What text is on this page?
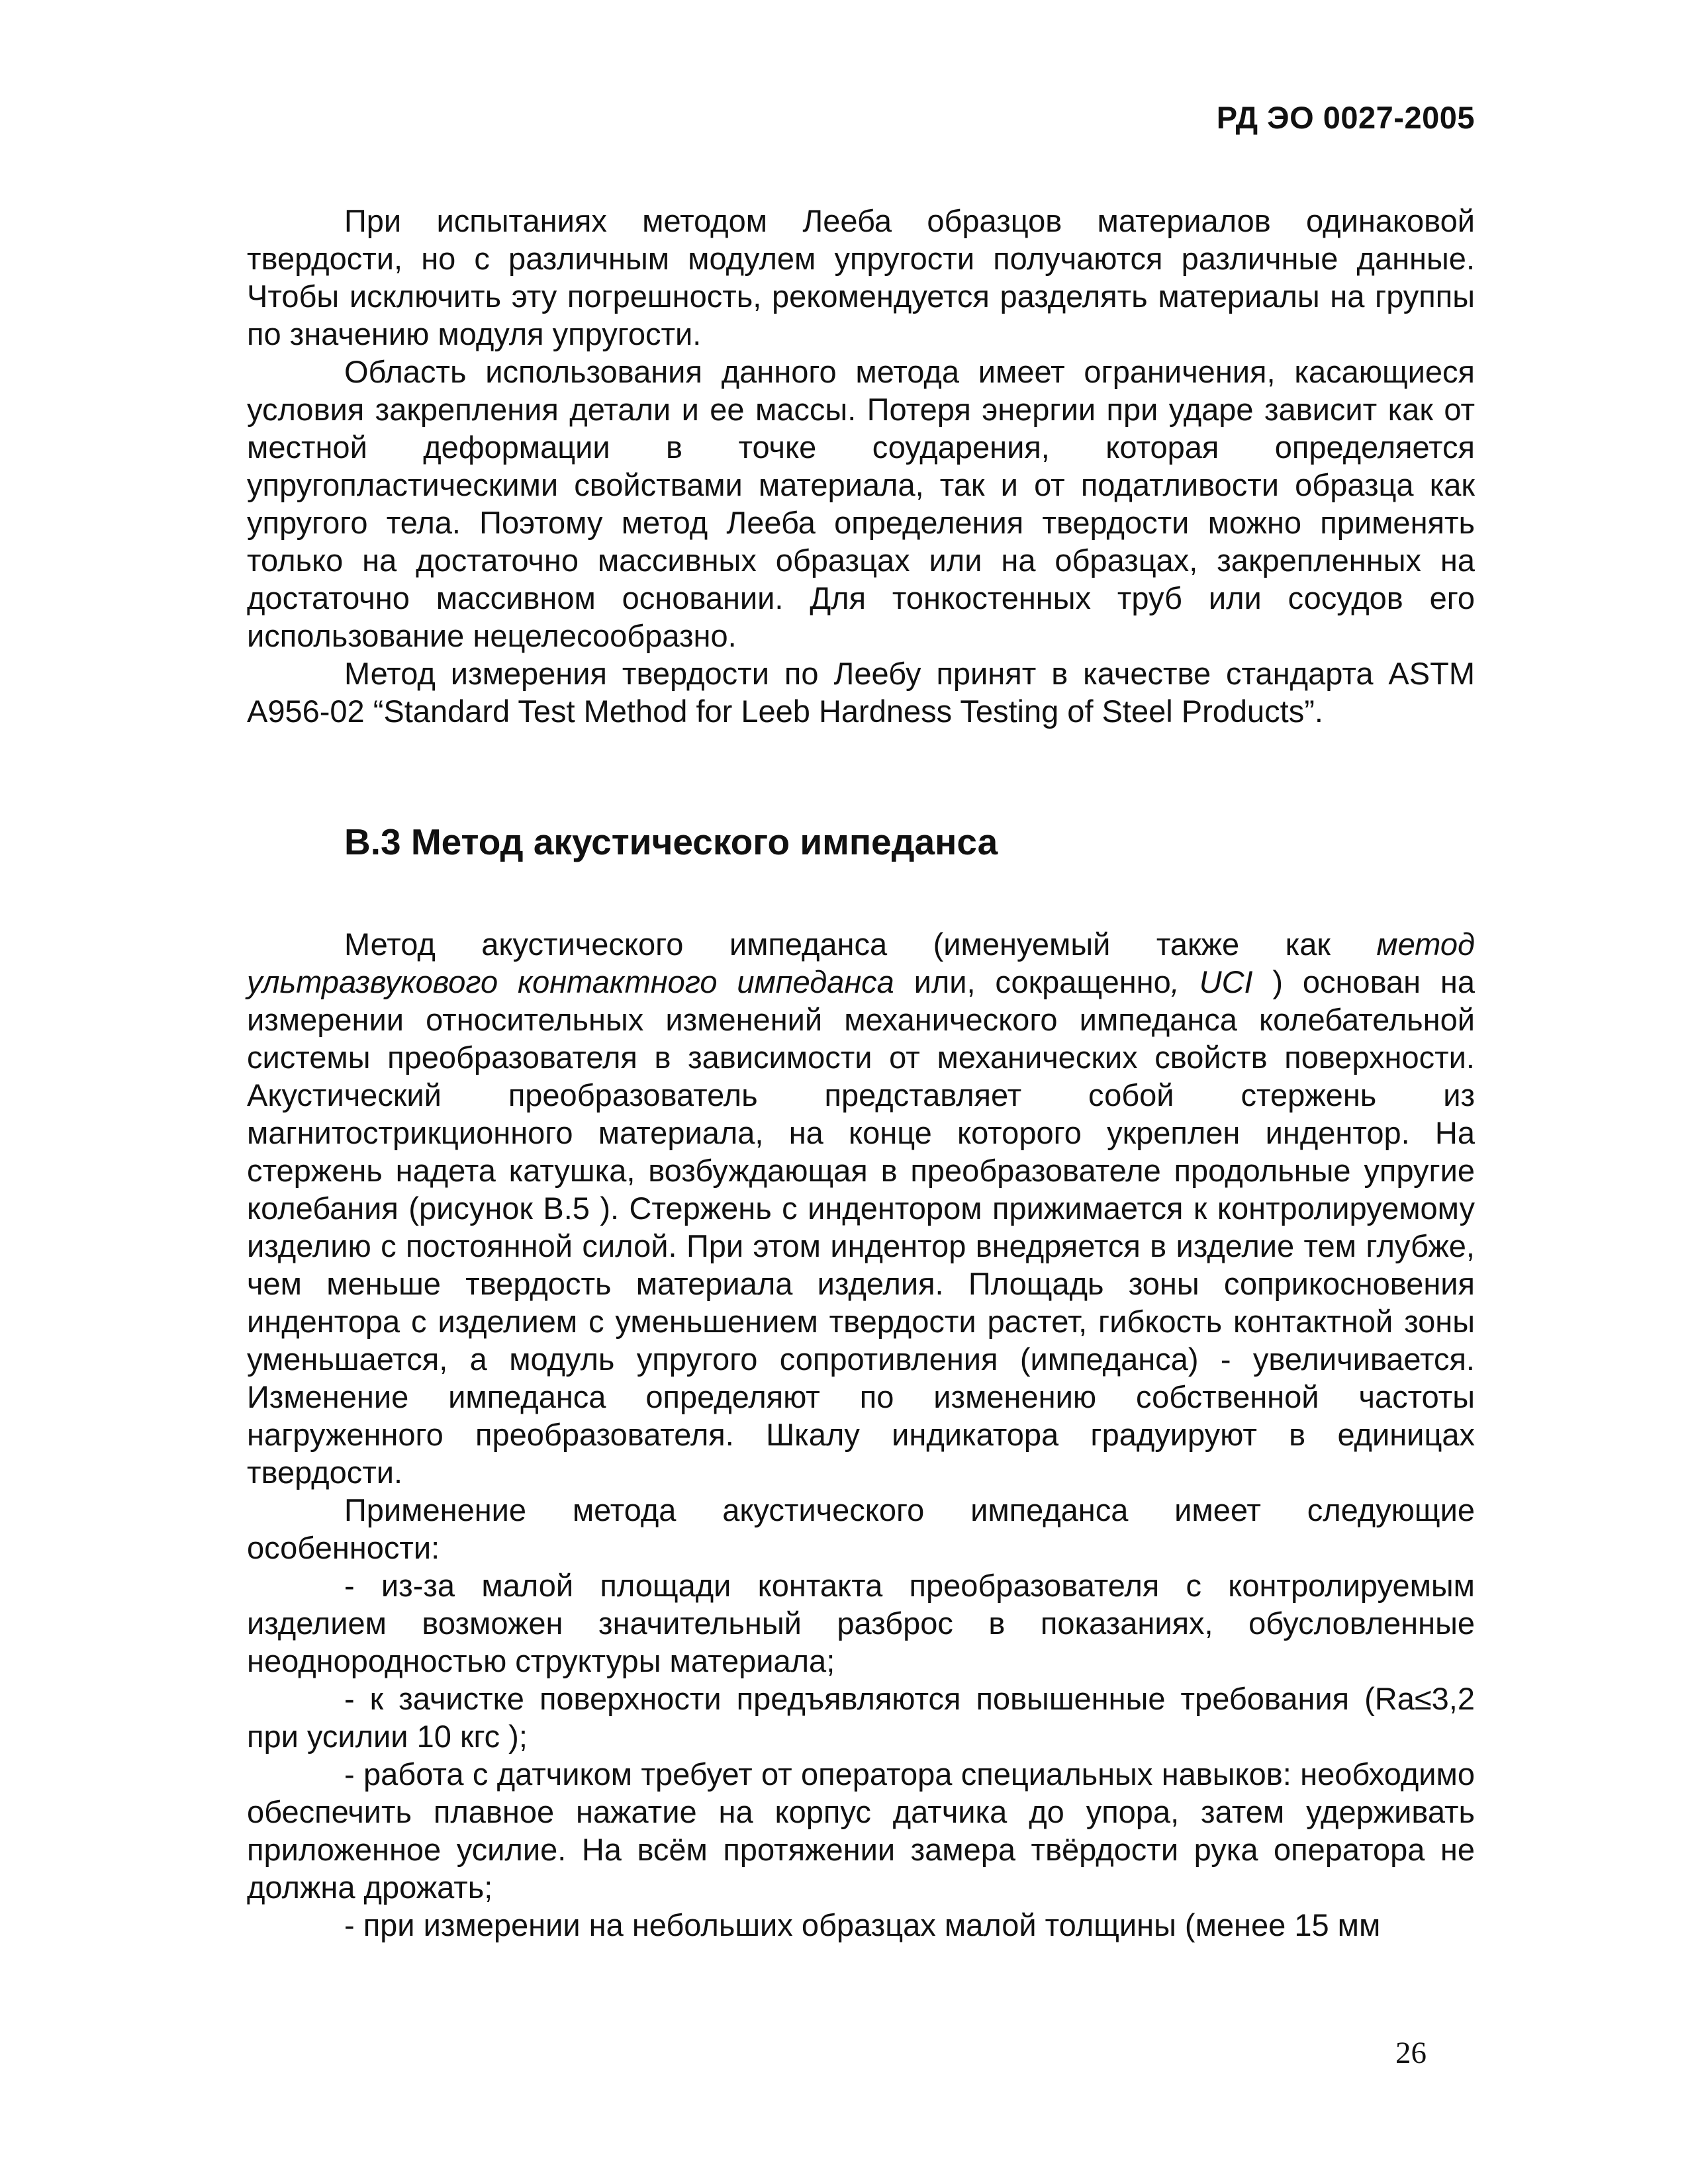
РД ЭО 0027-2005

При испытаниях методом Лееба образцов материалов одинаковой твердости, но с различным модулем упругости получаются различные данные. Чтобы исключить эту погрешность, рекомендуется разделять материалы на группы по значению модуля упругости.

Область использования данного метода имеет ограничения, касающиеся условия закрепления детали и ее массы. Потеря энергии при ударе зависит как от местной деформации в точке соударения, которая определяется упругопластическими свойствами материала, так и от податливости образца как упругого тела. Поэтому метод Лееба определения твердости можно применять только на достаточно массивных образцах или на образцах, закрепленных на достаточно массивном основании. Для тонкостенных труб или сосудов его использование нецелесообразно.

Метод измерения твердости по Леебу принят в качестве стандарта ASTM A956-02 “Standard Test Method for Leeb Hardness Testing of Steel Products”.

В.3 Метод акустического импеданса

Метод акустического импеданса (именуемый также как метод ультразвукового контактного импеданса или, сокращенно, UCI ) основан на измерении относительных изменений механического импеданса колебательной системы преобразователя в зависимости от механических свойств поверхности. Акустический преобразователь представляет собой стержень из магнитострикционного материала, на конце которого укреплен индентор. На стержень надета катушка, возбуждающая в преобразователе продольные упругие колебания (рисунок В.5 ). Стержень с индентором прижимается к контролируемому изделию с постоянной силой. При этом индентор внедряется в изделие тем глубже, чем меньше твердость материала изделия. Площадь зоны соприкосновения индентора с изделием с уменьшением твердости растет, гибкость контактной зоны уменьшается, а модуль упругого сопротивления (импеданса) - увеличивается. Изменение импеданса определяют по изменению собственной частоты нагруженного преобразователя. Шкалу индикатора градуируют в единицах твердости.

Применение метода акустического импеданса имеет следующие особенности:

- из-за малой площади контакта преобразователя с контролируемым изделием возможен значительный разброс в показаниях, обусловленные неоднородностью структуры материала;

- к зачистке поверхности предъявляются повышенные требования (Ra≤3,2 при усилии 10 кгс );

- работа с датчиком требует от оператора специальных навыков: необходимо обеспечить плавное нажатие на корпус датчика до упора, затем удерживать приложенное усилие. На всём протяжении замера твёрдости рука оператора не должна дрожать;

- при измерении на небольших образцах малой толщины (менее 15 мм

26
